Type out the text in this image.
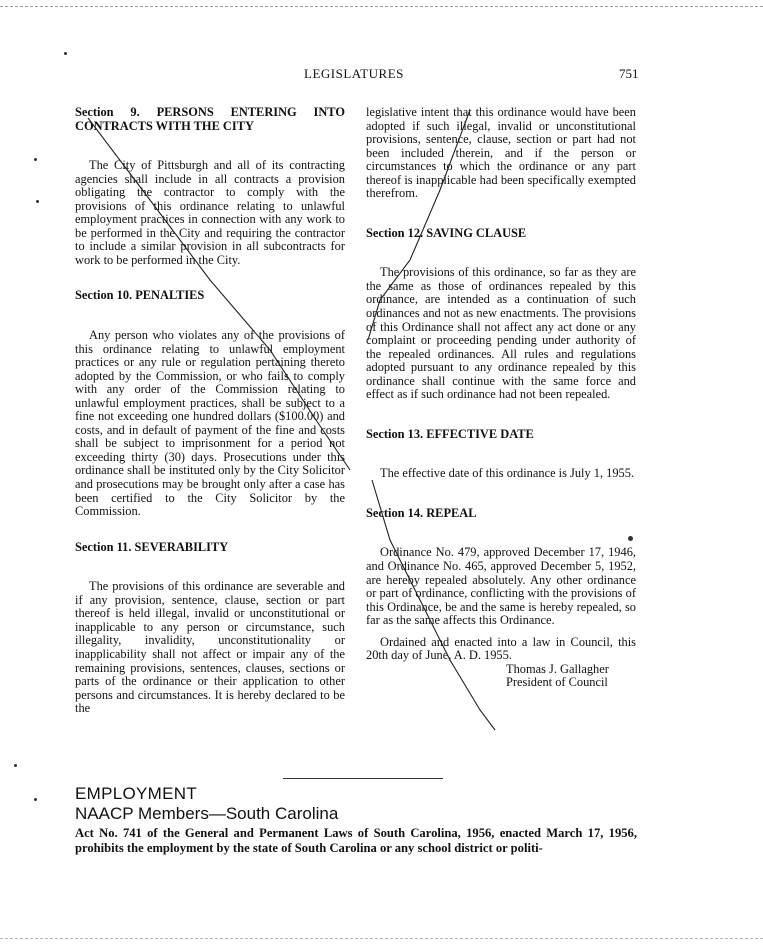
LEGISLATURES	751

Section 9. PERSONS ENTERING INTO CONTRACTS WITH THE CITY

The City of Pittsburgh and all of its contracting agencies shall include in all contracts a provision obligating the contractor to comply with the provisions of this ordinance relating to unlawful employment practices in connection with any work to be performed in the City and requiring the contractor to include a similar provision in all subcontracts for work to be performed in the City.

Section 10. PENALTIES

Any person who violates any of the provisions of this ordinance relating to unlawful employment practices or any rule or regulation pertaining thereto adopted by the Commission, or who fails to comply with any order of the Commission relating to unlawful employment practices, shall be subject to a fine not exceeding one hundred dollars ($100.00) and costs, and in default of payment of the fine and costs shall be subject to imprisonment for a period not exceeding thirty (30) days. Prosecutions under this ordinance shall be instituted only by the City Solicitor and prosecutions may be brought only after a case has been certified to the City Solicitor by the Commission.

Section 11. SEVERABILITY

The provisions of this ordinance are severable and if any provision, sentence, clause, section or part thereof is held illegal, invalid or unconstitutional or inapplicable to any person or circumstance, such illegality, invalidity, unconstitutionality or inapplicability shall not affect or impair any of the remaining provisions, sentences, clauses, sections or parts of the ordinance or their application to other persons and circumstances. It is hereby declared to be the

legislative intent that this ordinance would have been adopted if such illegal, invalid or unconstitutional provisions, sentence, clause, section or part had not been included therein, and if the person or circumstances to which the ordinance or any part thereof is inapplicable had been specifically exempted therefrom.

Section 12. SAVING CLAUSE

The provisions of this ordinance, so far as they are the same as those of ordinances repealed by this ordinance, are intended as a continuation of such ordinances and not as new enactments. The provisions of this Ordinance shall not affect any act done or any complaint or proceeding pending under authority of the repealed ordinances. All rules and regulations adopted pursuant to any ordinance repealed by this ordinance shall continue with the same force and effect as if such ordinance had not been repealed.

Section 13. EFFECTIVE DATE

The effective date of this ordinance is July 1, 1955.

Section 14. REPEAL

Ordinance No. 479, approved December 17, 1946, and Ordinance No. 465, approved December 5, 1952, are hereby repealed absolutely. Any other ordinance or part of ordinance, conflicting with the provisions of this Ordinance, be and the same is hereby repealed, so far as the same affects this Ordinance.

Ordained and enacted into a law in Council, this 20th day of June, A. D. 1955.

Thomas J. Gallagher
President of Council

EMPLOYMENT
NAACP Members—South Carolina
Act No. 741 of the General and Permanent Laws of South Carolina, 1956, enacted March 17, 1956, prohibits the employment by the state of South Carolina or any school district or politi-
